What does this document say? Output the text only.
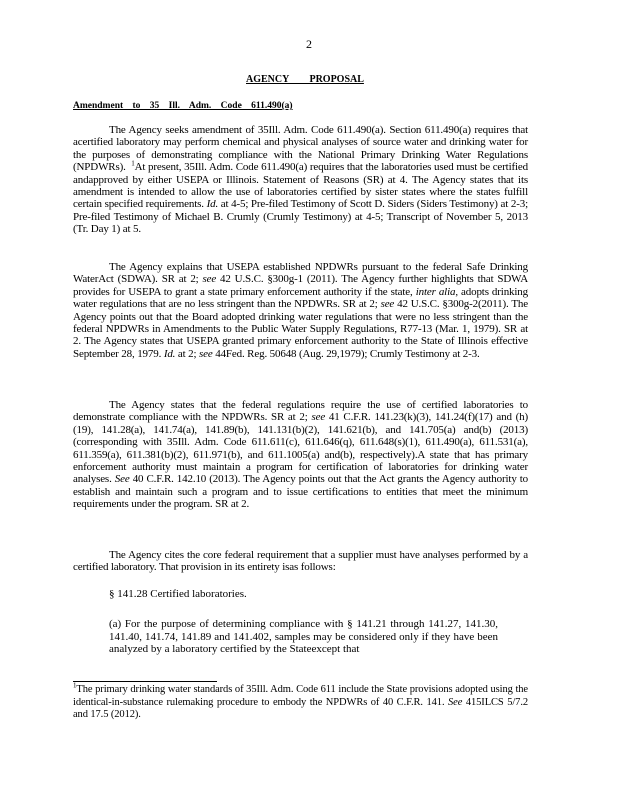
2
AGENCY PROPOSAL
Amendment to 35 Ill. Adm. Code 611.490(a)

The Agency seeks amendment of 35Ill. Adm. Code 611.490(a). Section 611.490(a) requires that acertified laboratory may perform chemical and physical analyses of source water and drinking water for the purposes of demonstrating compliance with the National Primary Drinking Water Regulations (NPDWRs). $^1$At present, 35Ill. Adm. Code 611.490(a) requires that the laboratories used must be certified andapproved by either USEPA or Illinois. Statement of Reasons (SR) at 4. The Agency states that its amendment is intended to allow the use of laboratories certified by sister states where the states fulfill certain specified requirements. Id. at 4-5; Pre-filed Testimony of Scott D. Siders (Siders Testimony) at 2-3; Pre-filed Testimony of Michael B. Crumly (Crumly Testimony) at 4-5; Transcript of November 5, 2013 (Tr. Day 1) at 5.

The Agency explains that USEPA established NPDWRs pursuant to the federal Safe Drinking WaterAct (SDWA). SR at 2; see 42 U.S.C. §300g-1 (2011). The Agency further highlights that SDWA provides for USEPA to grant a state primary enforcement authority if the state, inter alia, adopts drinking water regulations that are no less stringent than the NPDWRs. SR at 2; see 42 U.S.C. §300g-2(2011). The Agency points out that the Board adopted drinking water regulations that were no less stringent than the federal NPDWRs in Amendments to the Public Water Supply Regulations, R77-13 (Mar. 1, 1979). SR at 2. The Agency states that USEPA granted primary enforcement authority to the State of Illinois effective September 28, 1979. Id. at 2; see 44Fed. Reg. 50648 (Aug. 29,1979); Crumly Testimony at 2-3.

The Agency states that the federal regulations require the use of certified laboratories to demonstrate compliance with the NPDWRs. SR at 2; see 41 C.F.R. 141.23(k)(3), 141.24(f)(17) and (h)(19), 141.28(a), 141.74(a), 141.89(b), 141.131(b)(2), 141.621(b), and 141.705(a) and(b) (2013) (corresponding with 35Ill. Adm. Code 611.611(c), 611.646(q), 611.648(s)(1), 611.490(a), 611.531(a), 611.359(a), 611.381(b)(2), 611.971(b), and 611.1005(a) and(b), respectively).A state that has primary enforcement authority must maintain a program for certification of laboratories for drinking water analyses. See 40 C.F.R. 142.10 (2013). The Agency points out that the Act grants the Agency authority to establish and maintain such a program and to issue certifications to entities that meet the minimum requirements under the program. SR at 2.

The Agency cites the core federal requirement that a supplier must have analyses performed by a certified laboratory. That provision in its entirety isas follows:

§ 141.28 Certified laboratories.
(a) For the purpose of determining compliance with § 141.21 through 141.27, 141.30, 141.40, 141.74, 141.89 and 141.402, samples may be considered only if they have been analyzed by a laboratory certified by the Stateexcept that
$^1$The primary drinking water standards of 35Ill. Adm. Code 611 include the State provisions adopted using the identical-in-substance rulemaking procedure to embody the NPDWRs of 40 C.F.R. 141. See 415ILCS 5/7.2 and 17.5 (2012).
